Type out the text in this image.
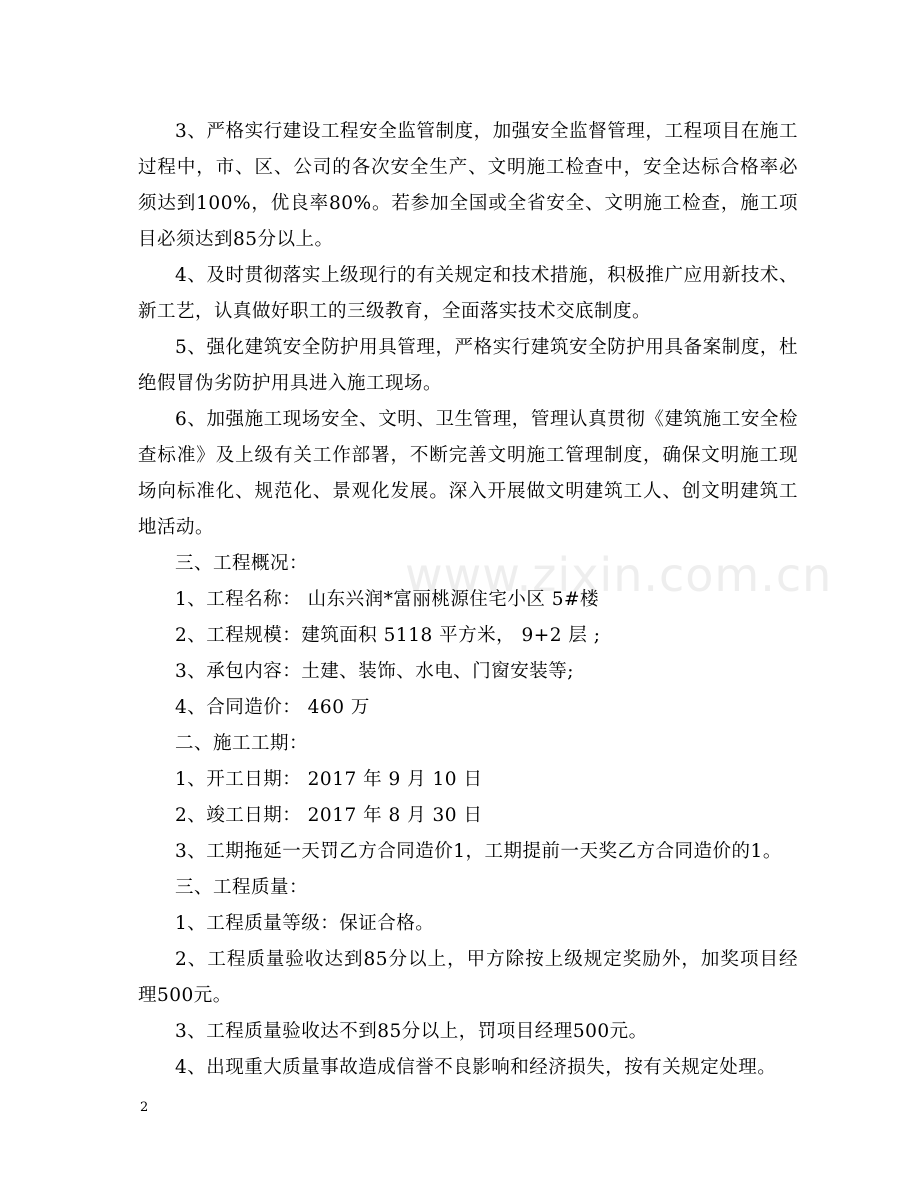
www.zixin.com.cn

3、严格实行建设工程安全监管制度，加强安全监督管理，工程项目在施工过程中，市、区、公司的各次安全生产、文明施工检查中，安全达标合格率必须达到100%，优良率80%。若参加全国或全省安全、文明施工检查，施工项目必须达到85分以上。

4、及时贯彻落实上级现行的有关规定和技术措施，积极推广应用新技术、新工艺，认真做好职工的三级教育，全面落实技术交底制度。

5、强化建筑安全防护用具管理，严格实行建筑安全防护用具备案制度，杜绝假冒伪劣防护用具进入施工现场。

6、加强施工现场安全、文明、卫生管理，管理认真贯彻《建筑施工安全检查标准》及上级有关工作部署，不断完善文明施工管理制度，确保文明施工现场向标准化、规范化、景观化发展。深入开展做文明建筑工人、创文明建筑工地活动。

三、工程概况：

1、工程名称： 山东兴润*富丽桃源住宅小区 5#楼

2、工程规模：建筑面积 5118 平方米， 9+2 层 ;

3、承包内容：土建、装饰、水电、门窗安装等;

4、合同造价： 460 万

二、施工工期：

1、开工日期： 2017 年 9 月 10 日

2、竣工日期： 2017 年 8 月 30 日

3、工期拖延一天罚乙方合同造价1，工期提前一天奖乙方合同造价的1。

三、工程质量：

1、工程质量等级：保证合格。

2、工程质量验收达到85分以上，甲方除按上级规定奖励外，加奖项目经理500元。

3、工程质量验收达不到85分以上，罚项目经理500元。

4、出现重大质量事故造成信誉不良影响和经济损失，按有关规定处理。

2
